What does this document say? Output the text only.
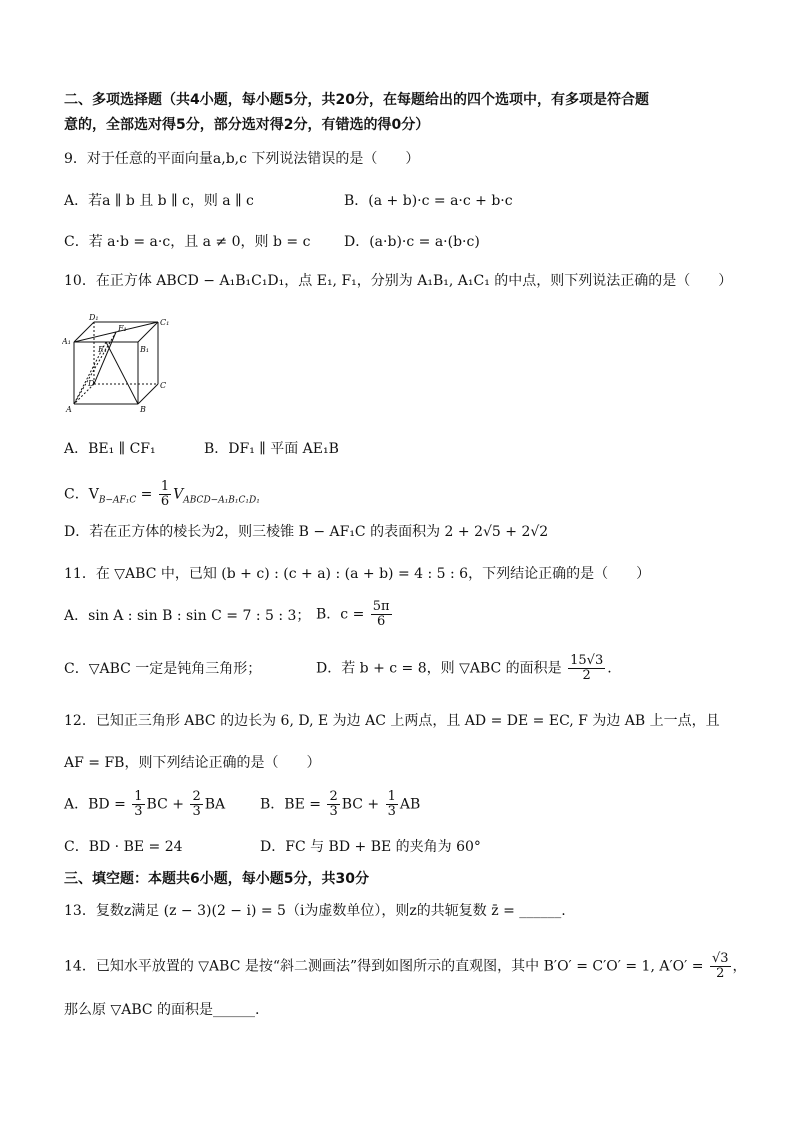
二、多项选择题（共4小题，每小题5分，共20分，在每题给出的四个选项中，有多项是符合题
意的，全部选对得5分，部分选对得2分，有错选的得0分）
9．对于任意的平面向量a,b,c 下列说法错误的是（　　）
A．若a ∥ b 且 b ∥ c，则 a ∥ c	B．(a + b)·c = a·c + b·c
C．若 a·b = a·c，且 a ≠ 0，则 b = c D．(a·b)·c = a·(b·c)
10．在正方体 ABCD − A₁B₁C₁D₁，点 E₁, F₁，分别为 A₁B₁, A₁C₁ 的中点，则下列说法正确的是（　　）
D₁
C₁
F₁
A₁
B₁
E₁
D	C
A	B
A．BE₁ ∥ CF₁	B．DF₁ ∥ 平面 AE₁B
C．$V_{B-AF_1C} = \frac{1}{6} V_{ABCD-A_1B_1C_1D_1}$
D．若在正方体的棱长为2，则三棱锥 B − AF₁C 的表面积为 2 + 2√5 + 2√2
11．在 ▽ABC 中，已知 (b + c) : (c + a) : (a + b) = 4 : 5 : 6，下列结论正确的是（　　）
A．sin A : sin B : sin C = 7 : 5 : 3； B．$c = \frac{5\pi}{6}$
C．▽ABC 一定是钝角三角形；	D．若 b + c = 8，则 ▽ABC 的面积是 $\frac{15√3}{2}$ .
12．已知正三角形 ABC 的边长为 6, D, E 为边 AC 上两点，且 AD = DE = EC, F 为边 AB 上一点，且
AF = FB，则下列结论正确的是（　　）
A．BD = $\frac{1}{3}$ BC + $\frac{2}{3}$ BA B．BE = $\frac{2}{3}$ BC + $\frac{1}{3}$ AB
C．BD · BE = 24	D．FC 与 BD + BE 的夹角为 60°
三、填空题：本题共6小题，每小题5分，共30分
13．复数z满足 (z − 3)(2 − i) = 5（i为虚数单位），则z的共轭复数 z̄ = ______.
14．已知水平放置的 ▽ABC 是按“斜二测画法”得到如图所示的直观图，其中 B′O′ = C′O′ = 1, $A'O' = \frac{√3}{2}$ ，
那么原 ▽ABC 的面积是______.
